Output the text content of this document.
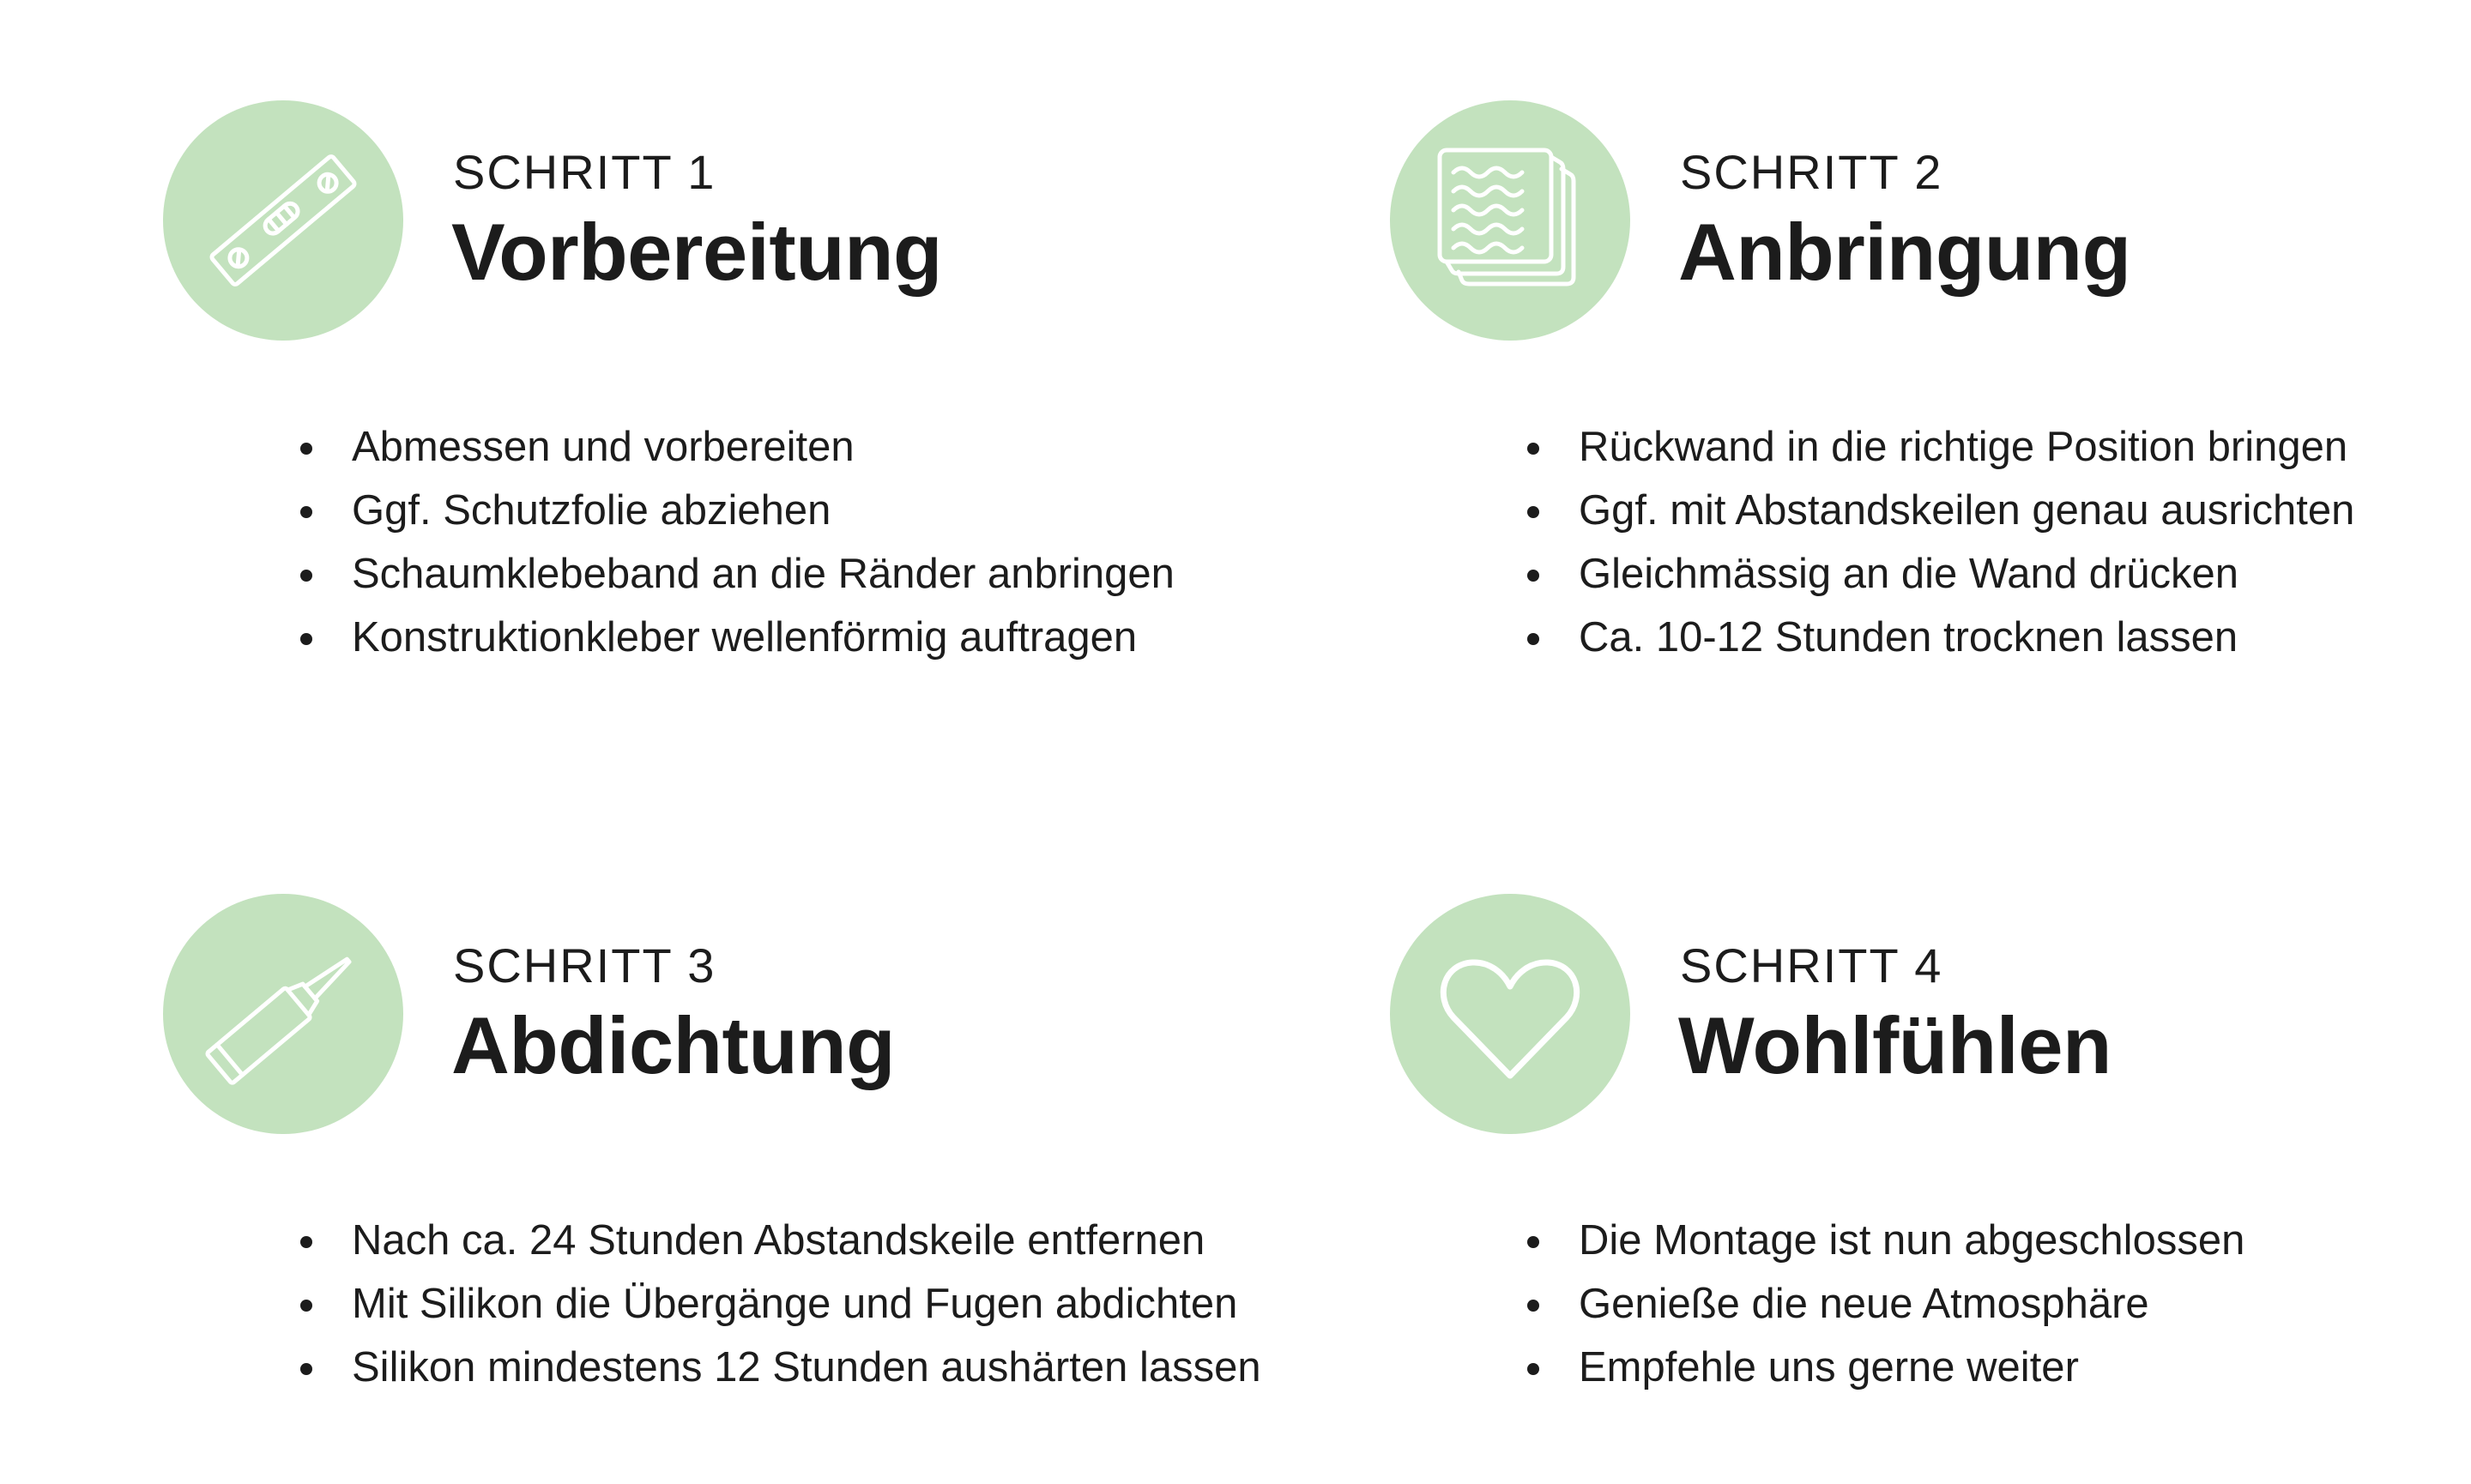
SCHRITT 1
Vorbereitung
Abmessen und vorbereiten
Ggf. Schutzfolie abziehen
Schaumklebeband an die Ränder anbringen
Konstruktionkleber wellenförmig auftragen
SCHRITT 2
Anbringung
Rückwand in die richtige Position bringen
Ggf. mit Abstandskeilen genau ausrichten
Gleichmässig an die Wand drücken
Ca. 10-12 Stunden trocknen lassen
SCHRITT 3
Abdichtung
Nach ca. 24 Stunden Abstandskeile entfernen
Mit Silikon die Übergänge und Fugen abdichten
Silikon mindestens 12 Stunden aushärten lassen
SCHRITT 4
Wohlfühlen
Die Montage ist nun abgeschlossen
Genieße die neue Atmosphäre
Empfehle uns gerne weiter
